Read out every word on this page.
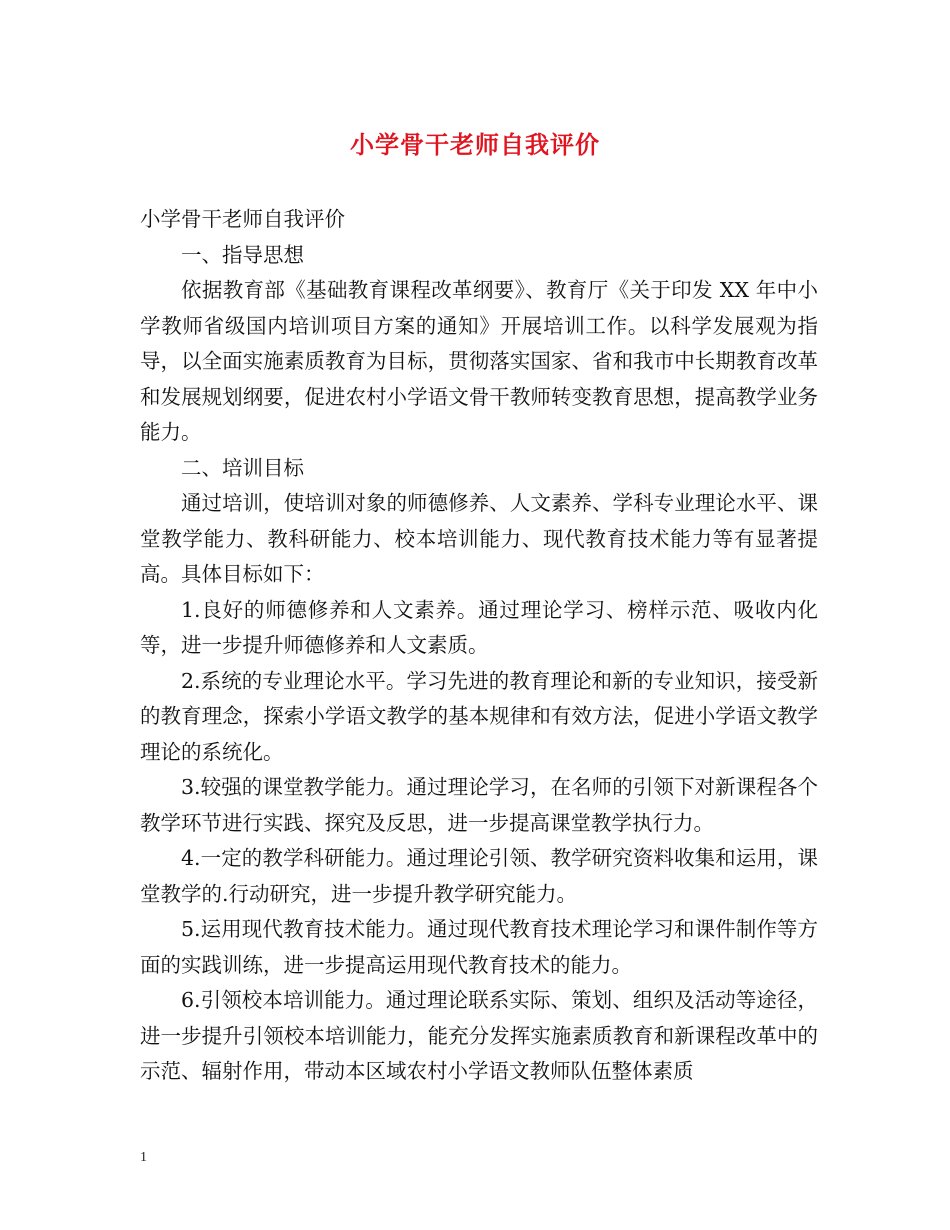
小学骨干老师自我评价

小学骨干老师自我评价

一、指导思想

依据教育部《基础教育课程改革纲要》、教育厅《关于印发 XX 年中小学教师省级国内培训项目方案的通知》开展培训工作。以科学发展观为指导，以全面实施素质教育为目标，贯彻落实国家、省和我市中长期教育改革和发展规划纲要，促进农村小学语文骨干教师转变教育思想，提高教学业务能力。

二、培训目标

通过培训，使培训对象的师德修养、人文素养、学科专业理论水平、课堂教学能力、教科研能力、校本培训能力、现代教育技术能力等有显著提高。具体目标如下：

1.良好的师德修养和人文素养。通过理论学习、榜样示范、吸收内化等，进一步提升师德修养和人文素质。

2.系统的专业理论水平。学习先进的教育理论和新的专业知识，接受新的教育理念，探索小学语文教学的基本规律和有效方法，促进小学语文教学理论的系统化。

3.较强的课堂教学能力。通过理论学习，在名师的引领下对新课程各个教学环节进行实践、探究及反思，进一步提高课堂教学执行力。

4.一定的教学科研能力。通过理论引领、教学研究资料收集和运用，课堂教学的.行动研究，进一步提升教学研究能力。

5.运用现代教育技术能力。通过现代教育技术理论学习和课件制作等方面的实践训练，进一步提高运用现代教育技术的能力。

6.引领校本培训能力。通过理论联系实际、策划、组织及活动等途径，进一步提升引领校本培训能力，能充分发挥实施素质教育和新课程改革中的示范、辐射作用，带动本区域农村小学语文教师队伍整体素质

1
